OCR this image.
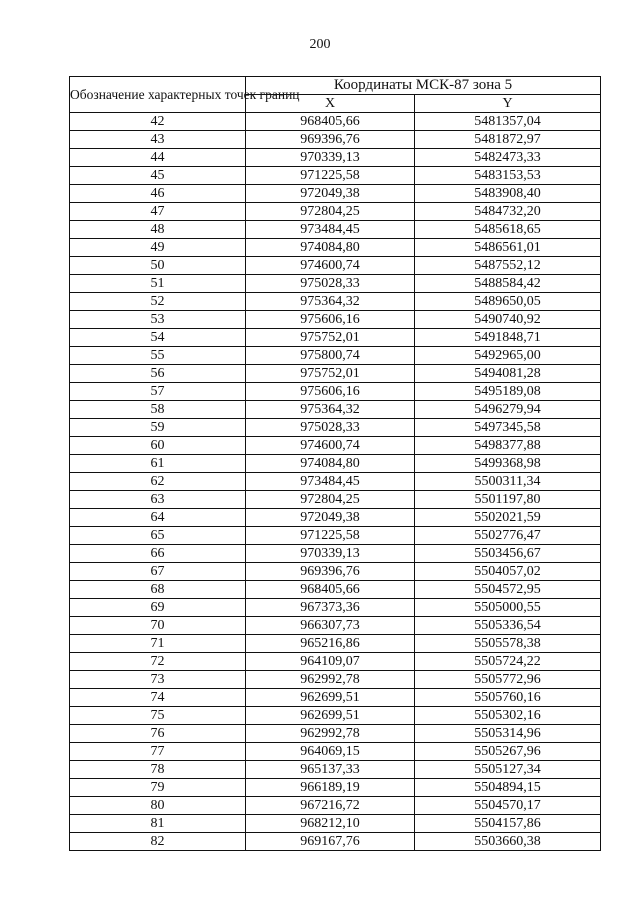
200
Обозначение характерных точек границ	Координаты МСК-87 зона 5	
	X	Y
42	968405,66	5481357,04
43	969396,76	5481872,97
44	970339,13	5482473,33
45	971225,58	5483153,53
46	972049,38	5483908,40
47	972804,25	5484732,20
48	973484,45	5485618,65
49	974084,80	5486561,01
50	974600,74	5487552,12
51	975028,33	5488584,42
52	975364,32	5489650,05
53	975606,16	5490740,92
54	975752,01	5491848,71
55	975800,74	5492965,00
56	975752,01	5494081,28
57	975606,16	5495189,08
58	975364,32	5496279,94
59	975028,33	5497345,58
60	974600,74	5498377,88
61	974084,80	5499368,98
62	973484,45	5500311,34
63	972804,25	5501197,80
64	972049,38	5502021,59
65	971225,58	5502776,47
66	970339,13	5503456,67
67	969396,76	5504057,02
68	968405,66	5504572,95
69	967373,36	5505000,55
70	966307,73	5505336,54
71	965216,86	5505578,38
72	964109,07	5505724,22
73	962992,78	5505772,96
74	962699,51	5505760,16
75	962699,51	5505302,16
76	962992,78	5505314,96
77	964069,15	5505267,96
78	965137,33	5505127,34
79	966189,19	5504894,15
80	967216,72	5504570,17
81	968212,10	5504157,86
82	969167,76	5503660,38
